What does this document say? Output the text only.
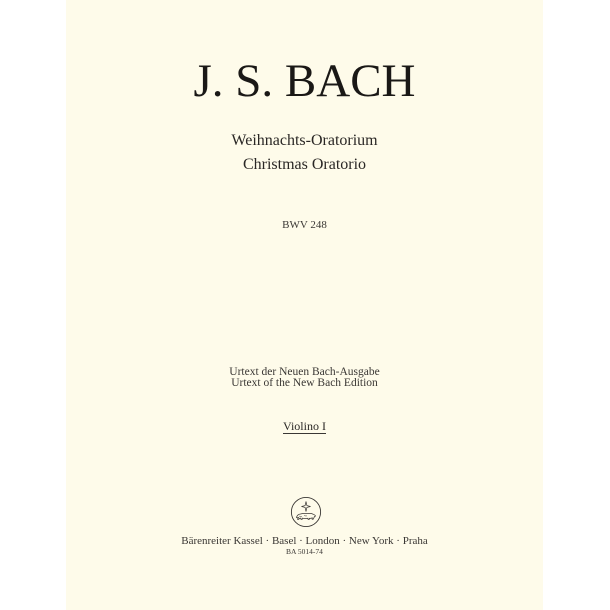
J. S. BACH
Weihnachts-Oratorium
Christmas Oratorio
BWV 248
Urtext der Neuen Bach-Ausgabe
Urtext of the New Bach Edition
Violino I
Bärenreiter Kassel · Basel · London · New York · Praha
BA 5014-74
